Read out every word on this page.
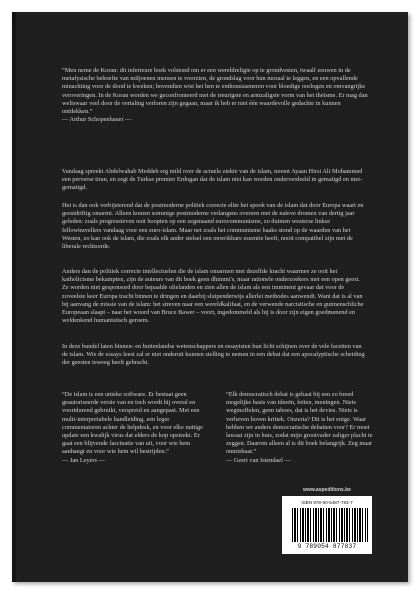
“Men neme de Koran: dit inferieure boek volstond om er een wereldreligie op te grondvesten, twaalf eeuwen in de metafysische behoefte van miljoenen mensen te voorzien, de grondslag voor hun moraal te leggen, en een opvallende minachting voor de dood te kweken; bovendien wist het hen te enthousiasmeren voor bloedige oorlogen en omvangrijke veroveringen. In de Koran worden we geconfronteerd met de treurigste en armzaligste vorm van het theïsme. Er mag dan weliswaar veel door de vertaling verloren zijn gegaan, maar ik heb er niet één waardevolle gedachte in kunnen ontdekken.”

— Arthur Schopenhauer —

Vandaag spreekt Abdelwahab Meddeb erg mild over de actuele ziekte van de islam, noemt Ayaan Hirsi Ali Mohammed een perverse tiran, en zegt de Turkse premier Erdogan dat de islam niet kan worden onderverdeeld in gematigd en niet-gematigd.

Het is dan ook verbijsterend dat de postmoderne politiek correcte elite het spook van de islam dat door Europa waart en geestdriftig omarmt. Alleen komen sommige postmoderne verlangens overeen met de naïeve dromen van dertig jaar geleden: zoals progressieven ooit hoopten op een zegenaand eurocommunisme, zo duimen westerse linkse fellowtravellers vandaag voor een euro-islam. Maar net zoals het communisme haaks stond op de waarden van het Westen, zo kan ook de islam, die zoals elk ander stelsel een onwrikbare essentie heeft, nooit compatibel zijn met de liberale rechtsorde.

Anders dan de politiek correcte intellectuelen die de islam omarmen met dezelfde kracht waarmee ze ooit het katholicisme bekampten, zijn de auteurs van dit boek geen dhimmi's, maar rationele onderzoekers met een open geest. Ze worden niet gesponsord door bepaalde olielanden en zien allen de islam als een imminent gevaar dat voor de zoveelste keer Europa tracht binnen te dringen en daarbij sluipenderwijs allerlei methodes aanwendt. Want dat is al van bij aanvang de missie van de islam: het streven naar een wereldkalifaat, en de verwende narcistische en gutmenschliche Europeaan slaapt – naar het woord van Bruce Bawer – voort, ingedommeld als hij is door zijn eigen goedmenend en weldenkend humanistisch geroem.

In deze bundel laten binnen- en buitenlandse wetenschappers en essayisten hun licht schijnen over de vele facetten van de islam. Wie de essays leest zal er niet onderuit kunnen stelling te nemen in een debat dat een apocalyptische scheiding der geesten teweeg heeft gebracht.

“De islam is een unieke software. Er bestaat geen geautoriseerde versie van en toch wordt hij overal en voortdurend gebruikt, verspreid en aangepast. Met een multi-interpretabele handleiding, een leger commentatoren achter de helpdesk, en voor elke nuttige update een kwalijk virus dat elders de kop opsteekt. Er gaat een blijvende fascinatie van uit, voor wie hem aanhangt en voor wie hem wil bestrijden.”

— Jan Leyers —

“Elk democratisch debat is gebaat bij een zo breed mogelijke basis van ideeën, feiten, meningen. Niets wegmoffelen, geen taboes, dat is het devies. Niets is verheven boven kritiek. Onzeria? Dit is het enige. Waar hebben we anders democratische debatten voor? Er moet lawaai zijn in huis, zodat mijn grootvader zaliger placht te zeggen. Daarom alleen al is dit boek belangrijk. Zeg maar onmisbaar.”

— Geert van Istendael —
www.aspeditions.be
ISBN 978-90-5487-783-7
9 789054 877837
